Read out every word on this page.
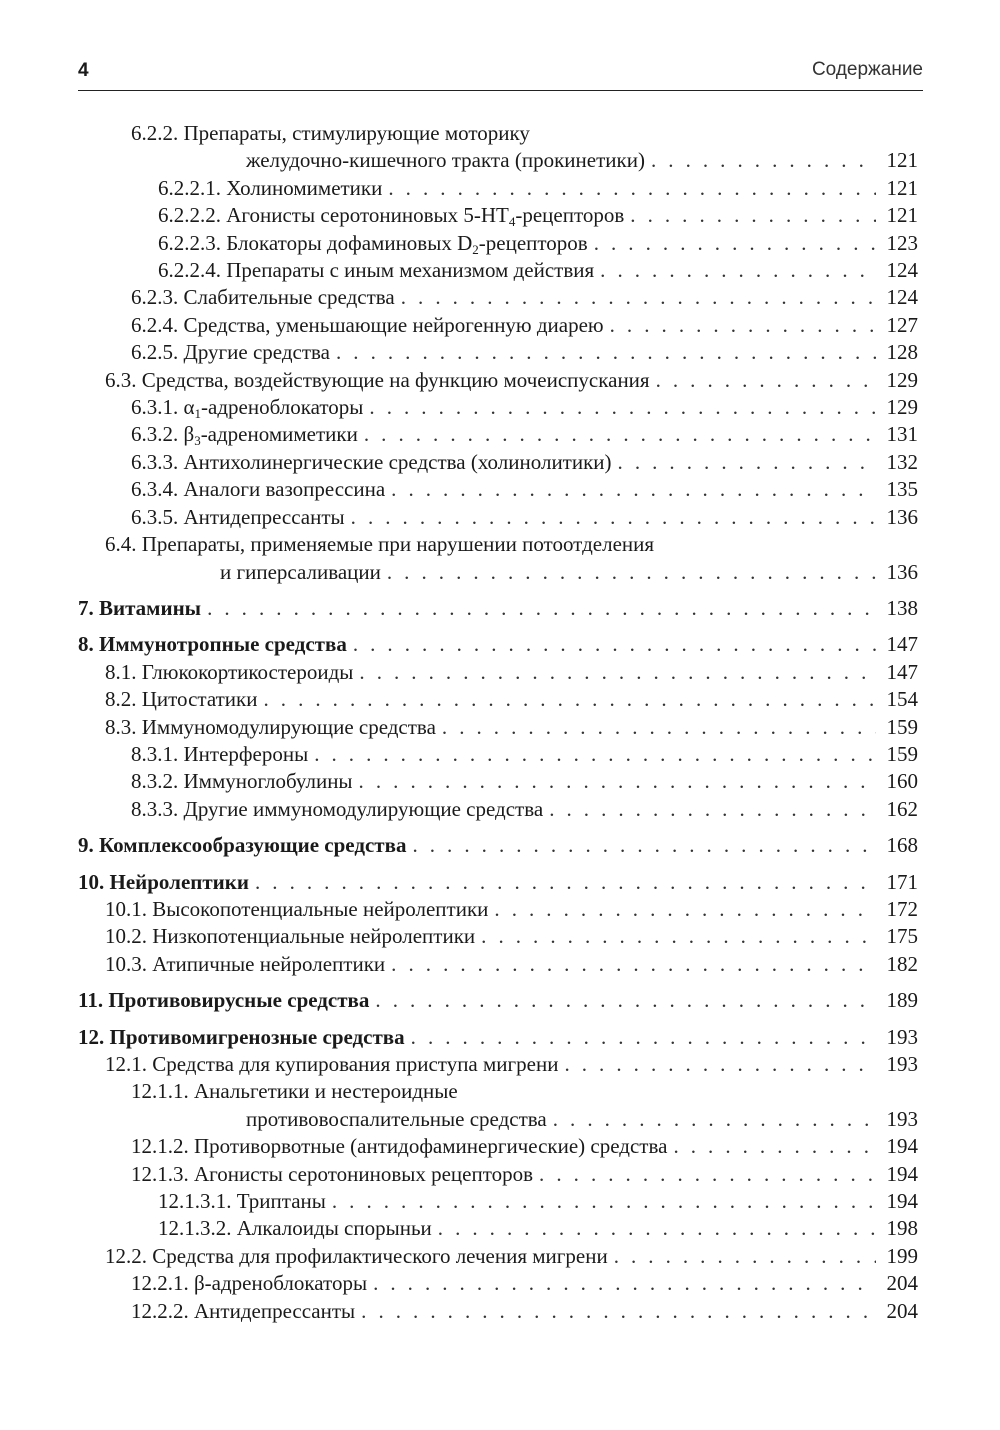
4	Содержание
6.2.2. Препараты, стимулирующие моторику
желудочно-кишечного тракта (прокинетики) . . .	121
6.2.2.1. Холиномиметики . . .	121
6.2.2.2. Агонисты серотониновых $5-НТ_4$-рецепторов . . .	121
6.2.2.3. Блокаторы дофаминовых $D_2$-рецепторов . . .	123
6.2.2.4. Препараты с иным механизмом действия . . .	124
6.2.3. Слабительные средства . . .	124
6.2.4. Средства, уменьшающие нейрогенную диарею . . .	127
6.2.5. Другие средства . . .	128
6.3. Средства, воздействующие на функцию мочеиспускания . . .	129
6.3.1. $\alpha_1$-адреноблокаторы . . .	129
6.3.2. $\beta_3$-адреномиметики . . .	131
6.3.3. Антихолинергические средства (холинолитики) . . .	132
6.3.4. Аналоги вазопрессина . . .	135
6.3.5. Антидепрессанты . . .	136
6.4. Препараты, применяемые при нарушении потоотделения
и гиперсаливации . . .	136
7. Витамины . . .	138
8. Иммунотропные средства . . .	147
8.1. Глюкокортикостероиды . . .	147
8.2. Цитостатики . . .	154
8.3. Иммуномодулирующие средства . . .	159
8.3.1. Интерфероны . . .	159
8.3.2. Иммуноглобулины . . .	160
8.3.3. Другие иммуномодулирующие средства . . .	162
9. Комплексообразующие средства . . .	168
10. Нейролептики . . .	171
10.1. Высокопотенциальные нейролептики . . .	172
10.2. Низкопотенциальные нейролептики . . .	175
10.3. Атипичные нейролептики . . .	182
11. Противовирусные средства . . .	189
12. Противомигренозные средства . . .	193
12.1. Средства для купирования приступа мигрени . . .	193
12.1.1. Анальгетики и нестероидные
противовоспалительные средства . . .	193
12.1.2. Противорвотные (антидофаминергические) средства . . .	194
12.1.3. Агонисты серотониновых рецепторов . . .	194
12.1.3.1. Триптаны . . .	194
12.1.3.2. Алкалоиды спорыньи . . .	198
12.2. Средства для профилактического лечения мигрени . . .	199
12.2.1. β-адреноблокаторы . . .	204
12.2.2. Антидепрессанты . . .	204
